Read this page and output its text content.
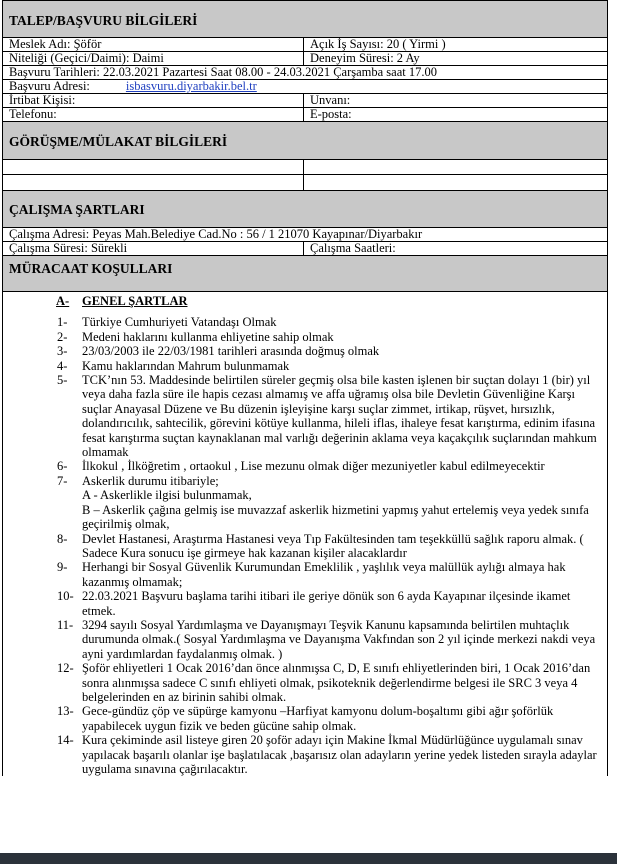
TALEP/BAŞVURU BİLGİLERİ
Meslek Adı: Şöför	Açık İş Sayısı: 20 ( Yirmi )
Niteliği (Geçici/Daimi): Daimi	Deneyim Süresi: 2 Ay
Başvuru Tarihleri: 22.03.2021 Pazartesi Saat 08.00 - 24.03.2021 Çarşamba saat 17.00
Başvuru Adresi:	isbasvuru.diyarbakir.bel.tr
İrtibat Kişisi:	Unvanı:
Telefonu:	E-posta:
GÖRÜŞME/MÜLAKAT BİLGİLERİ
ÇALIŞMA ŞARTLARI
Çalışma Adresi: Peyas Mah.Belediye Cad.No : 56 / 1 21070 Kayapınar/Diyarbakır
Çalışma Süresi: Sürekli	Çalışma Saatleri:
MÜRACAAT KOŞULLARI
A- GENEL ŞARTLAR
1-	Türkiye Cumhuriyeti Vatandaşı Olmak
2-	Medeni haklarını kullanma ehliyetine sahip olmak
3-	23/03/2003 ile 22/03/1981 tarihleri arasında doğmuş olmak
4-	Kamu haklarından Mahrum bulunmamak
5-	TCK’nın 53. Maddesinde belirtilen süreler geçmiş olsa bile kasten işlenen bir suçtan dolayı 1 (bir) yıl veya daha fazla süre ile hapis cezası almamış ve affa uğramış olsa bile Devletin Güvenliğine Karşı suçlar Anayasal Düzene ve Bu düzenin işleyişine karşı suçlar zimmet, irtikap, rüşvet, hırsızlık, dolandırıcılık, sahtecilik, görevini kötüye kullanma, hileli iflas, ihaleye fesat karıştırma, edinim ifasına fesat karıştırma suçtan kaynaklanan mal varlığı değerinin aklama veya kaçakçılık suçlarından mahkum olmamak
6-	İlkokul , İlköğretim , ortaokul , Lise mezunu olmak diğer mezuniyetler kabul edilmeyecektir
7-	Askerlik durumu itibariyle;
A - Askerlikle ilgisi bulunmamak,
B – Askerlik çağına gelmiş ise muvazzaf askerlik hizmetini yapmış yahut ertelemiş veya yedek sınıfa geçirilmiş olmak,
8-	Devlet Hastanesi, Araştırma Hastanesi veya Tıp Fakültesinden tam teşekküllü sağlık raporu almak. ( Sadece Kura sonucu işe girmeye hak kazanan kişiler alacaklardır
9-	Herhangi bir Sosyal Güvenlik Kurumundan Emeklilik , yaşlılık veya malüllük aylığı almaya hak kazanmış olmamak;
10- 22.03.2021 Başvuru başlama tarihi itibari ile geriye dönük son 6 ayda Kayapınar ilçesinde ikamet etmek.
11- 3294 sayılı Sosyal Yardımlaşma ve Dayanışmayı Teşvik Kanunu kapsamında belirtilen muhtaçlık durumunda olmak.( Sosyal Yardımlaşma ve Dayanışma Vakfından son 2 yıl içinde merkezi nakdi veya ayni yardımlardan faydalanmış olmak. )
12- Şoför ehliyetleri 1 Ocak 2016’dan önce alınmışsa C, D, E sınıfı ehliyetlerinden biri, 1 Ocak 2016’dan sonra alınmışsa sadece C sınıfı ehliyeti olmak, psikoteknik değerlendirme belgesi ile SRC 3 veya 4 belgelerinden en az birinin sahibi olmak.
13- Gece-gündüz çöp ve süpürge kamyonu –Harfiyat kamyonu dolum-boşaltımı gibi ağır şoförlük yapabilecek uygun fizik ve beden gücüne sahip olmak.
14- Kura çekiminde asil listeye giren 20 şoför adayı için Makine İkmal Müdürlüğünce uygulamalı sınav yapılacak başarılı olanlar işe başlatılacak ,başarısız olan adayların yerine yedek listeden sırayla adaylar uygulama sınavına çağırılacaktır.
